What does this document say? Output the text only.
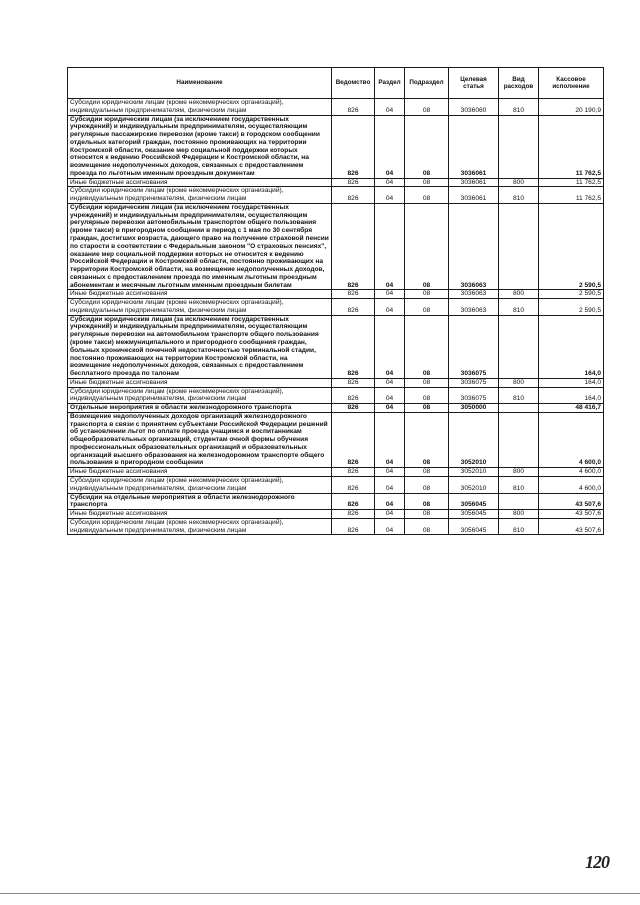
Наименование	Ведомство	Раздел	Подраздел	Целевая статья	Вид расходов	Кассовое исполнение
Субсидии юридическим лицам (кроме некоммерческих организаций), индивидуальным предпринимателям, физическим лицам	826	04	08	3036060	810	20 190,9
Субсидии юридическим лицам (за исключением государственных учреждений) и индивидуальным предпринимателям, осуществляющим регулярные пассажирские перевозки (кроме такси) в городском сообщении отдельных категорий граждан, постоянно проживающих на территории Костромской области, оказание мер социальной поддержки которых относится к ведению Российской Федерации и Костромской области, на возмещение недополученных доходов, связанных с предоставлением проезда по льготным именным проездным документам	826	04	08	3036061		11 762,5
Иные бюджетные ассигнования	826	04	08	3036061	800	11 762,5
Субсидии юридическим лицам (кроме некоммерческих организаций), индивидуальным предпринимателям, физическим лицам	826	04	08	3036061	810	11 762,5
Субсидии юридическим лицам (за исключением государственных учреждений) и индивидуальным предпринимателям, осуществляющим регулярные перевозки автомобильным транспортом общего пользования (кроме такси) в пригородном сообщении в период с 1 мая по 30 сентября граждан, достигших возраста, дающего право на получение страховой пенсии по старости в соответствии с Федеральным законом "О страховых пенсиях", оказание мер социальной поддержки которых не относится к ведению Российской Федерации и Костромской области, постоянно проживающих на территории Костромской области, на возмещение недополученных доходов, связанных с предоставлением проезда по именным льготным проездным абонементам и месячным льготным именным проездным билетам	826	04	08	3036063		2 590,5
Иные бюджетные ассигнования	826	04	08	3036063	800	2 590,5
Субсидии юридическим лицам (кроме некоммерческих организаций), индивидуальным предпринимателям, физическим лицам	826	04	08	3036063	810	2 590,5
Субсидии юридическим лицам (за исключением государственных учреждений) и индивидуальным предпринимателям, осуществляющим регулярные перевозки на автомобильном транспорте общего пользования (кроме такси) межмуниципального и пригородного сообщения граждан, больных хронической почечной недостаточностью терминальной стадии, постоянно проживающих на территории Костромской области, на возмещение недополученных доходов, связанных с предоставлением бесплатного проезда по талонам	826	04	08	3036075		164,0
Иные бюджетные ассигнования	826	04	08	3036075	800	164,0
Субсидии юридическим лицам (кроме некоммерческих организаций), индивидуальным предпринимателям, физическим лицам	826	04	08	3036075	810	164,0
Отдельные мероприятия в области железнодорожного транспорта	826	04	08	3050000		48 416,7
Возмещение недополученных доходов организаций железнодорожного транспорта в связи с принятием субъектами Российской Федерации решений об установлении льгот по оплате проезда учащимся и воспитанникам общеобразовательных организаций, студентам очной формы обучения профессиональных образовательных организаций и образовательных организаций высшего образования на железнодорожном транспорте общего пользования в пригородном сообщении	826	04	08	3052010		4 600,0
Иные бюджетные ассигнования	826	04	08	3052010	800	4 600,0
Субсидии юридическим лицам (кроме некоммерческих организаций), индивидуальным предпринимателям, физическим лицам	826	04	08	3052010	810	4 600,0
Субсидии на отдельные мероприятия в области железнодорожного транспорта	826	04	08	3056045		43 507,6
Иные бюджетные ассигнования	826	04	08	3056045	800	43 507,6
Субсидии юридическим лицам (кроме некоммерческих организаций), индивидуальным предпринимателям, физическим лицам	826	04	08	3056045	810	43 507,6
120
